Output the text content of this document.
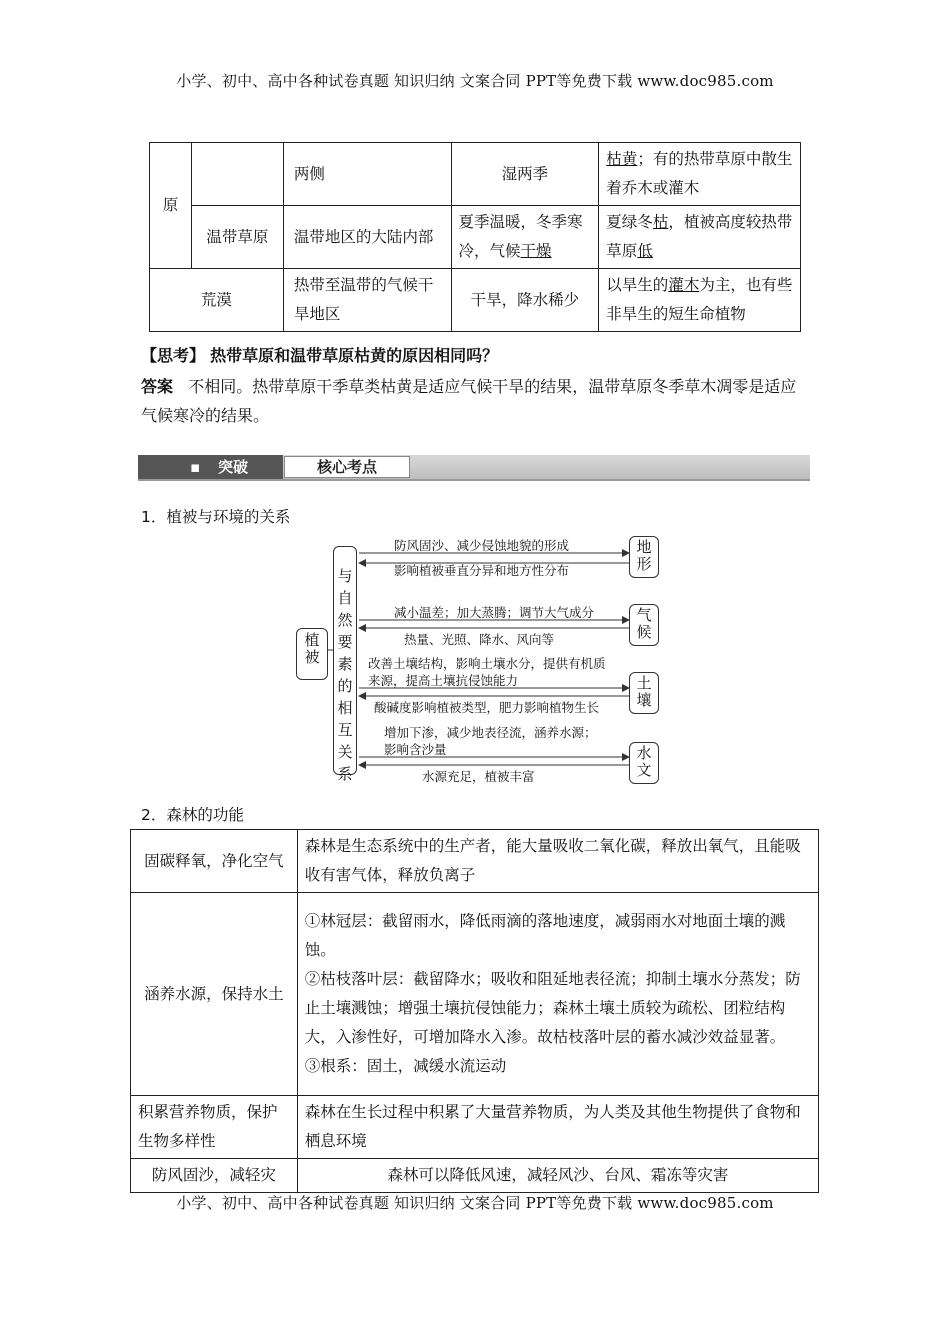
小学、初中、高中各种试卷真题 知识归纳 文案合同 PPT等免费下载 www.doc985.com
原		两侧	湿两季	枯黄；有的热带草原中散生着乔木或灌木
	温带草原	温带地区的大陆内部	夏季温暖，冬季寒冷，气候干燥	夏绿冬枯，植被高度较热带草原低
荒漠		热带至温带的气候干旱地区	干旱，降水稀少	以旱生的灌木为主，也有些非旱生的短生命植物
【思考】 热带草原和温带草原枯黄的原因相同吗？
答案 不相同。热带草原干季草类枯黄是适应气候干旱的结果，温带草原冬季草木凋零是适应气候寒冷的结果。
▪ 突破	核心考点
1．植被与环境的关系
植被
与自然要素的相互关系
地形
气候
土壤
水文
防风固沙、减少侵蚀地貌的形成
影响植被垂直分异和地方性分布
减小温差；加大蒸腾；调节大气成分
热量、光照、降水、风向等
改善土壤结构，影响土壤水分，提供有机质
来源，提高土壤抗侵蚀能力
酸碱度影响植被类型，肥力影响植物生长
增加下渗，减少地表径流，涵养水源；
影响含沙量
水源充足，植被丰富
2．森林的功能
固碳释氧，净化空气	森林是生态系统中的生产者，能大量吸收二氧化碳，释放出氧气，且能吸收有害气体，释放负离子
涵养水源，保持水土	①林冠层：截留雨水，降低雨滴的落地速度，减弱雨水对地面土壤的溅蚀。
②枯枝落叶层：截留降水；吸收和阻延地表径流；抑制土壤水分蒸发；防止土壤溅蚀；增强土壤抗侵蚀能力；森林土壤土质较为疏松、团粒结构大，入渗性好，可增加降水入渗。故枯枝落叶层的蓄水减沙效益显著。
③根系：固土，减缓水流运动

积累营养物质，保护生物多样性	森林在生长过程中积累了大量营养物质，为人类及其他生物提供了食物和栖息环境
防风固沙，减轻灾	森林可以降低风速，减轻风沙、台风、霜冻等灾害
小学、初中、高中各种试卷真题 知识归纳 文案合同 PPT等免费下载 www.doc985.com
